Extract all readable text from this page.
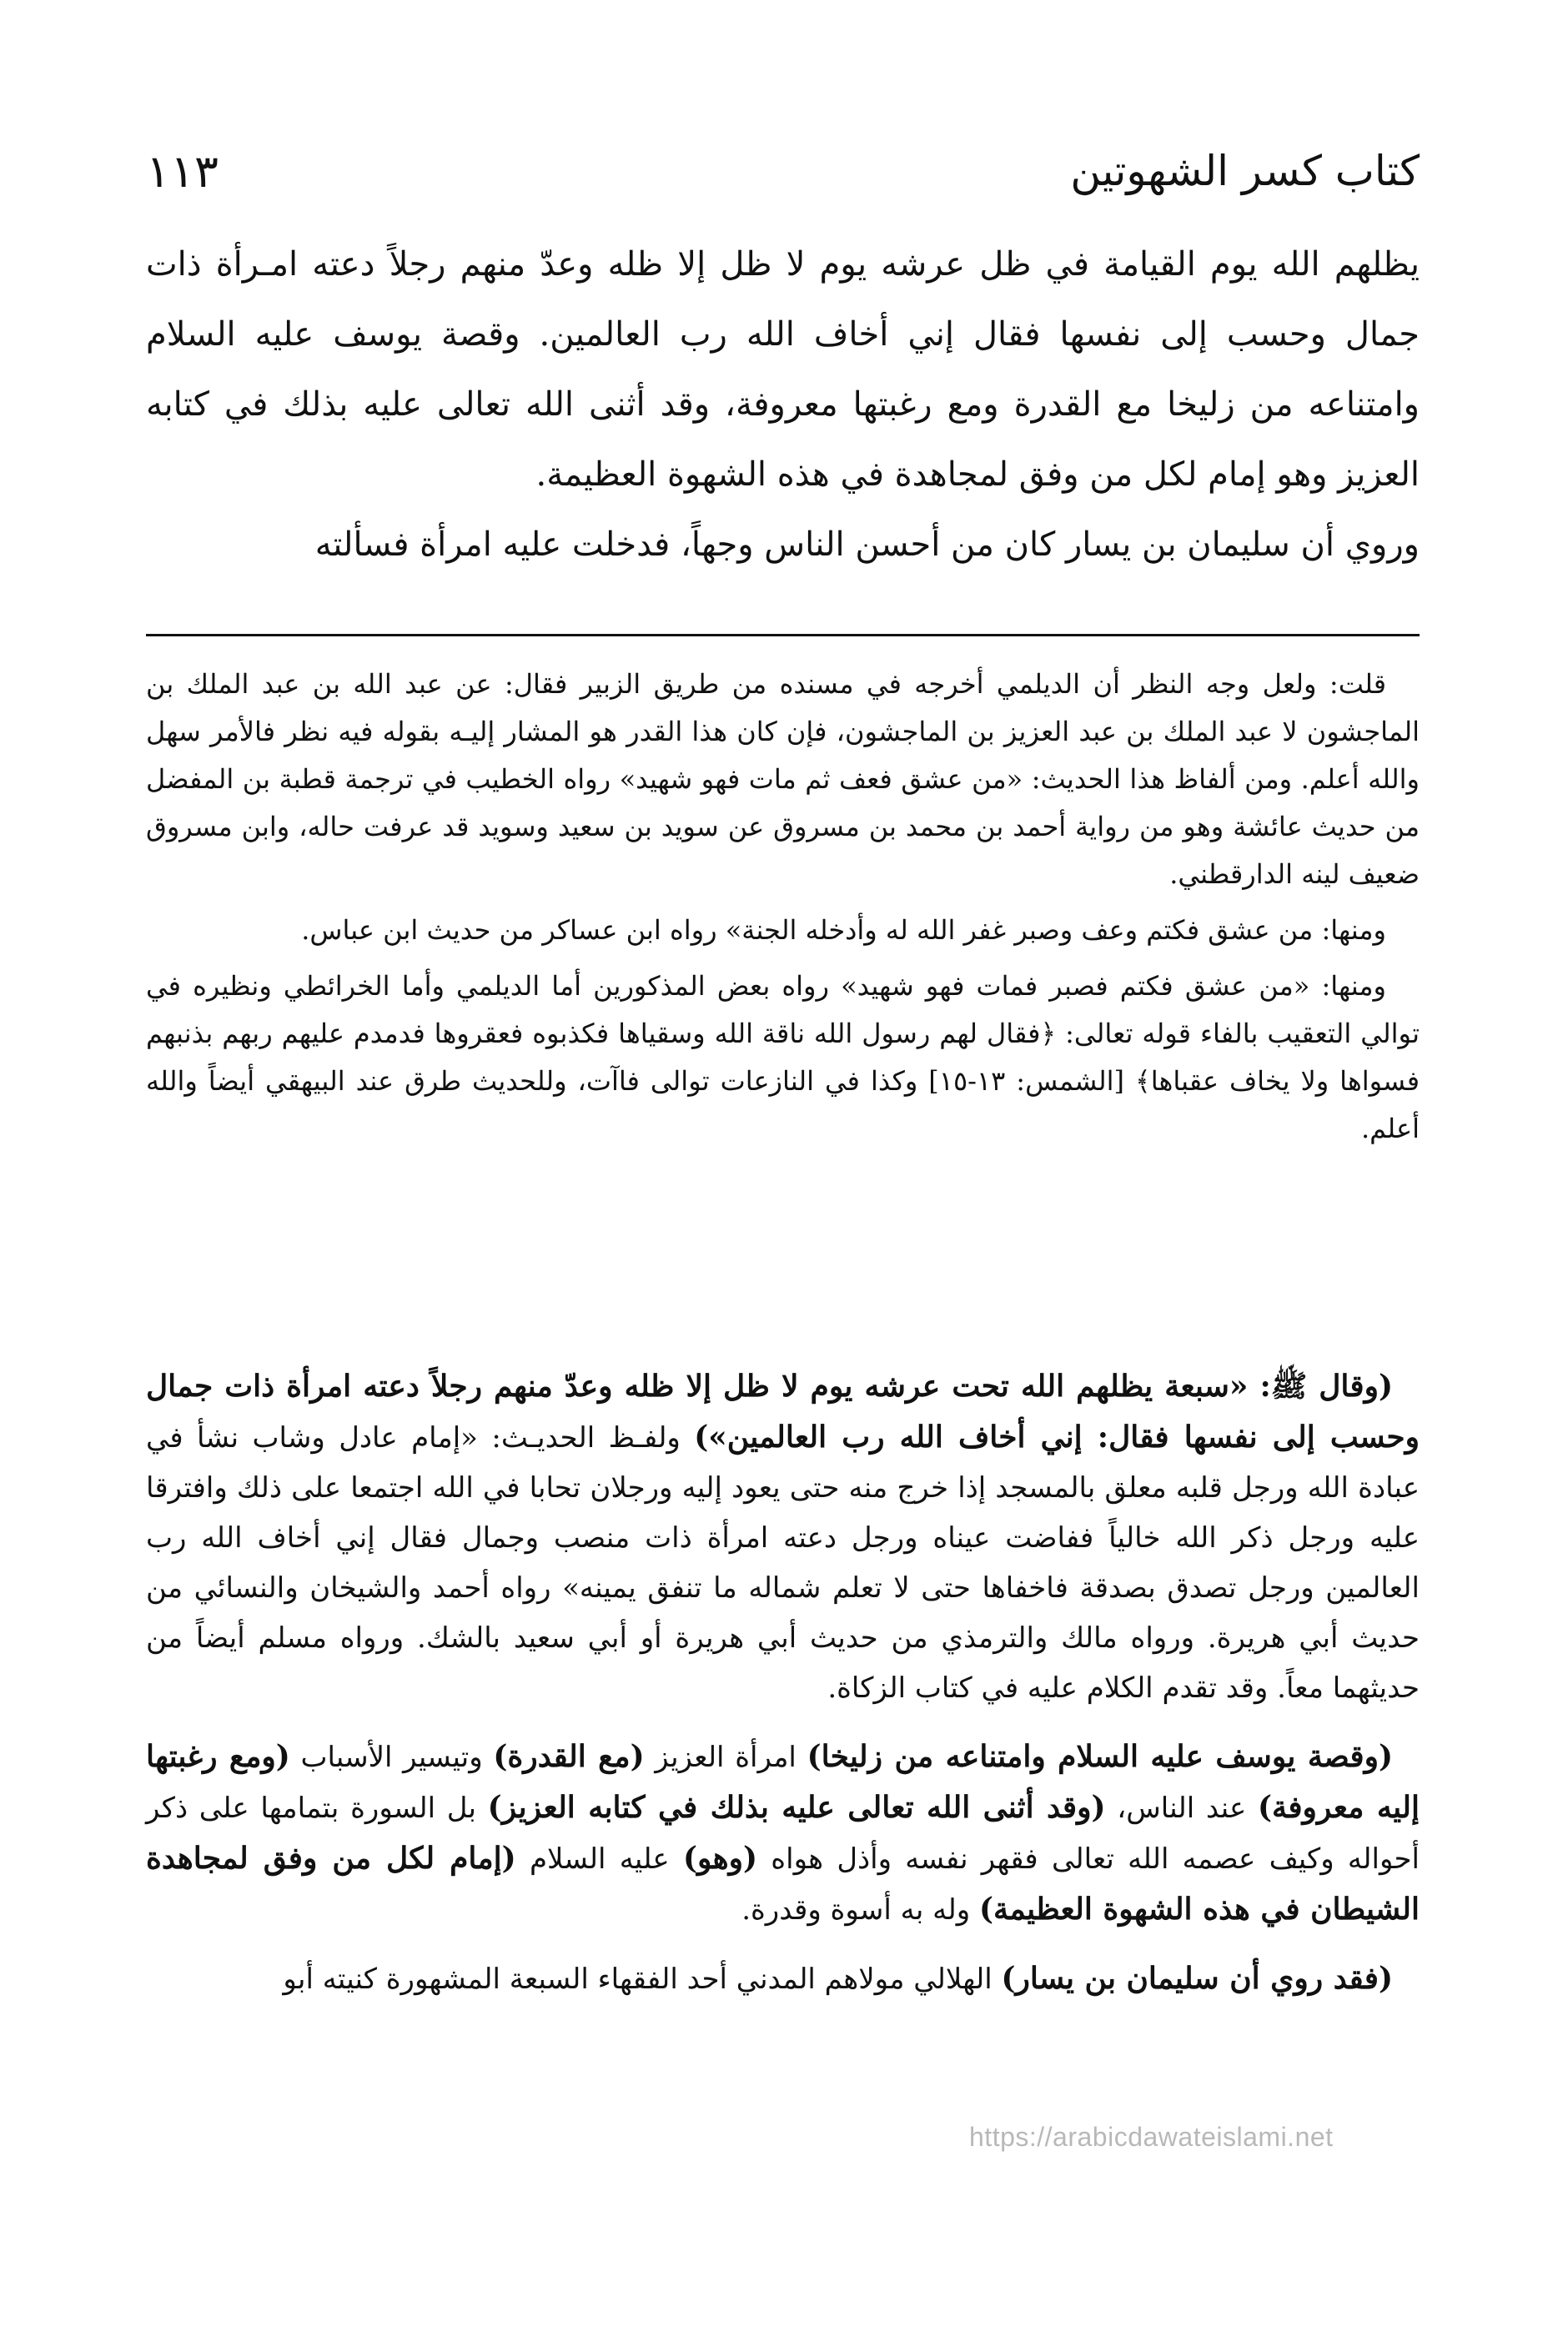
كتاب كسر الشهوتين
١١٣

يظلهم الله يوم القيامة في ظل عرشه يوم لا ظل إلا ظله وعدّ منهم رجلاً دعته امـرأة ذات جمال وحسب إلى نفسها فقال إني أخاف الله رب العالمين. وقصة يوسف عليه السلام وامتناعه من زليخا مع القدرة ومع رغبتها معروفة، وقد أثنى الله تعالى عليه بذلك في كتابه العزيز وهو إمام لكل من وفق لمجاهدة في هذه الشهوة العظيمة.

وروي أن سليمان بن يسار كان من أحسن الناس وجهاً، فدخلت عليه امرأة فسألته

قلت: ولعل وجه النظر أن الديلمي أخرجه في مسنده من طريق الزبير فقال: عن عبد الله بن عبد الملك بن الماجشون لا عبد الملك بن عبد العزيز بن الماجشون، فإن كان هذا القدر هو المشار إليـه بقوله فيه نظر فالأمر سهل والله أعلم. ومن ألفاظ هذا الحديث: «من عشق فعف ثم مات فهو شهيد» رواه الخطيب في ترجمة قطبة بن المفضل من حديث عائشة وهو من رواية أحمد بن محمد بن مسروق عن سويد بن سعيد وسويد قد عرفت حاله، وابن مسروق ضعيف لينه الدارقطني.

ومنها: من عشق فكتم وعف وصبر غفر الله له وأدخله الجنة» رواه ابن عساكر من حديث ابن عباس.

ومنها: «من عشق فكتم فصبر فمات فهو شهيد» رواه بعض المذكورين أما الديلمي وأما الخرائطي ونظيره في توالي التعقيب بالفاء قوله تعالى: ﴿فقال لهم رسول الله ناقة الله وسقياها فكذبوه فعقروها فدمدم عليهم ربهم بذنبهم فسواها ولا يخاف عقباها﴾ [الشمس: ١٣-١٥] وكذا في النازعات توالى فاآت، وللحديث طرق عند البيهقي أيضاً والله أعلم.

(وقال ﷺ: «سبعة يظلهم الله تحت عرشه يوم لا ظل إلا ظله وعدّ منهم رجلاً دعته امرأة ذات جمال وحسب إلى نفسها فقال: إني أخاف الله رب العالمين») ولفـظ الحديـث: «إمام عادل وشاب نشأ في عبادة الله ورجل قلبه معلق بالمسجد إذا خرج منه حتى يعود إليه ورجلان تحابا في الله اجتمعا على ذلك وافترقا عليه ورجل ذكر الله خالياً ففاضت عيناه ورجل دعته امرأة ذات منصب وجمال فقال إني أخاف الله رب العالمين ورجل تصدق بصدقة فاخفاها حتى لا تعلم شماله ما تنفق يمينه» رواه أحمد والشيخان والنسائي من حديث أبي هريرة. ورواه مالك والترمذي من حديث أبي هريرة أو أبي سعيد بالشك. ورواه مسلم أيضاً من حديثهما معاً. وقد تقدم الكلام عليه في كتاب الزكاة.

(وقصة يوسف عليه السلام وامتناعه من زليخا) امرأة العزيز (مع القدرة) وتيسير الأسباب (ومع رغبتها إليه معروفة) عند الناس، (وقد أثنى الله تعالى عليه بذلك في كتابه العزيز) بل السورة بتمامها على ذكر أحواله وكيف عصمه الله تعالى فقهر نفسه وأذل هواه (وهو) عليه السلام (إمام لكل من وفق لمجاهدة الشيطان في هذه الشهوة العظيمة) وله به أسوة وقدرة.

(فقد روي أن سليمان بن يسار) الهلالي مولاهم المدني أحد الفقهاء السبعة المشهورة كنيته أبو

https://arabicdawateislami.net
